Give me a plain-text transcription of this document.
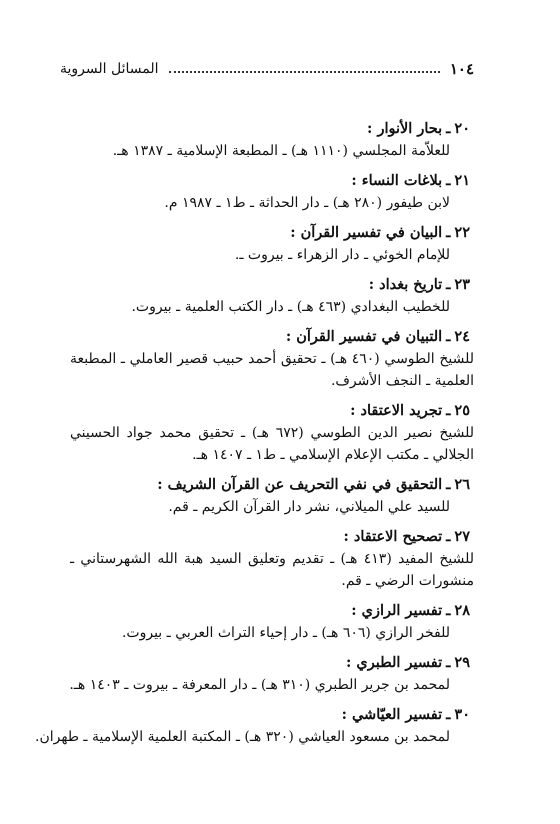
١٠٤
المسائل السروية
٢٠
ـ
بحار الأنوار :
للعلاّمة المجلسي (١١١٠ هـ) ـ المطبعة الإسلامية ـ ١٣٨٧ هـ.
٢١
ـ
بلاغات النساء :
لابن طيفور (٢٨٠ هـ) ـ دار الحداثة ـ ط١ ـ ١٩٨٧ م.
٢٢
ـ
البيان في تفسير القرآن :
للإمام الخوئي ـ دار الزهراء ـ بيروت ـ.
٢٣
ـ
تاريخ بغداد :
للخطيب البغدادي (٤٦٣ هـ) ـ دار الكتب العلمية ـ بيروت.
٢٤
ـ
التبيان في تفسير القرآن :
للشيخ الطوسي (٤٦٠ هـ) ـ تحقيق أحمد حبيب قصير العاملي ـ المطبعة العلمية ـ النجف الأشرف.
٢٥
ـ
تجريد الاعتقاد :
للشيخ نصير الدين الطوسي (٦٧٢ هـ) ـ تحقيق محمد جواد الحسيني الجلالي ـ مكتب الإعلام الإسلامي ـ ط١ ـ ١٤٠٧ هـ.
٢٦
ـ
التحقيق في نفي التحريف عن القرآن الشريف :
للسيد علي الميلاني، نشر دار القرآن الكريم ـ قم.
٢٧
ـ
تصحيح الاعتقاد :
للشيخ المفيد (٤١٣ هـ) ـ تقديم وتعليق السيد هبة الله الشهرستاني ـ منشورات الرضي ـ قم.
٢٨
ـ
تفسير الرازي :
للفخر الرازي (٦٠٦ هـ) ـ دار إحياء التراث العربي ـ بيروت.
٢٩
ـ
تفسير الطبري :
لمحمد بن جرير الطبري (٣١٠ هـ) ـ دار المعرفة ـ بيروت ـ ١٤٠٣ هـ.
٣٠
ـ
تفسير العيّاشي :
لمحمد بن مسعود العياشي (٣٢٠ هـ) ـ المكتبة العلمية الإسلامية ـ طهران.
